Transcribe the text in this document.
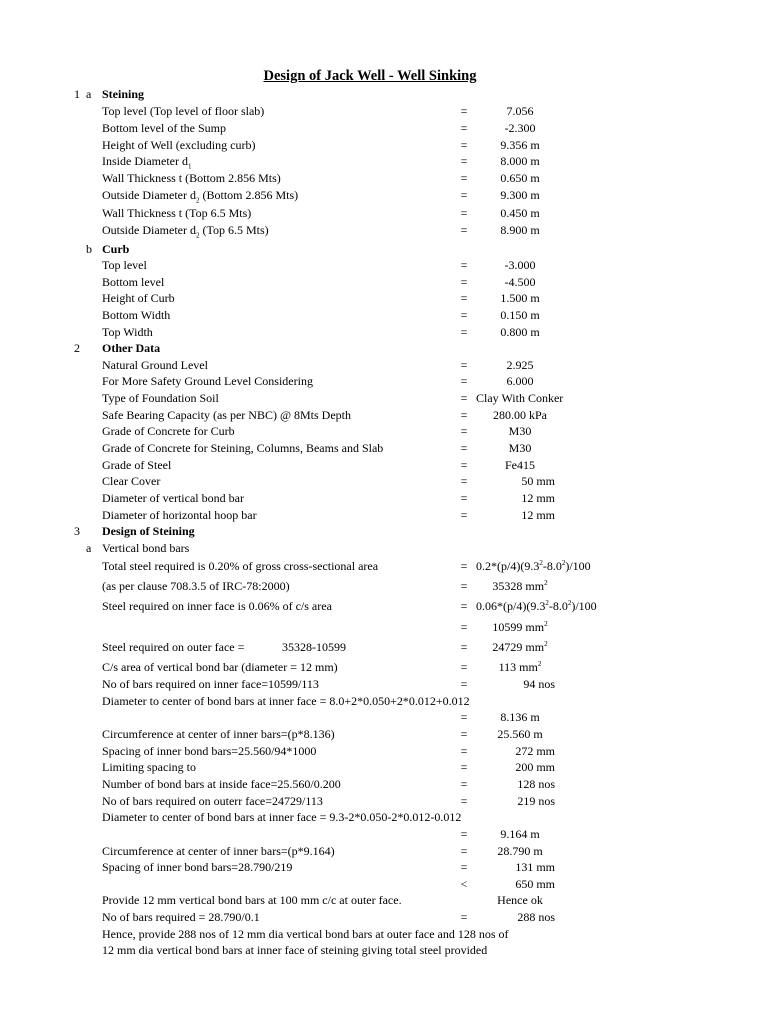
Design of Jack Well - Well Sinking
1 a Steining
Top level (Top level of floor slab)	=	7.056
Bottom level of the Sump	=	-2.300
Height of Well (excluding curb)	=	9.356 m
Inside Diameter $d_1$	=	8.000 m
Wall Thickness t (Bottom 2.856 Mts)	=	0.650 m
Outside Diameter $d_2$ (Bottom 2.856 Mts)	=	9.300 m
Wall Thickness t (Top 6.5 Mts)	=	0.450 m
Outside Diameter $d_2$ (Top 6.5 Mts)	=	8.900 m
b Curb
Top level	=	-3.000
Bottom level	=	-4.500
Height of Curb	=	1.500 m
Bottom Width	=	0.150 m
Top Width	=	0.800 m
2 Other Data
Natural Ground Level	=	2.925
For More Safety Ground Level Considering	=	6.000
Type of Foundation Soil	= Clay With Conker
Safe Bearing Capacity (as per NBC) @ 8Mts Depth	=	280.00 kPa
Grade of Concrete for Curb	=	M30
Grade of Concrete for Steining, Columns, Beams and Slab	=	M30
Grade of Steel	=	Fe415
Clear Cover	=	50 mm
Diameter of vertical bond bar	=	12 mm
Diameter of horizontal hoop bar	=	12 mm
3 Design of Steining
a Vertical bond bars
Total steel required is 0.20% of gross cross-sectional area	= $0.2*(p/4)(9.3^2-8.0^2)/100$
(as per clause 708.3.5 of IRC-78:2000)	=	35328 $mm^2$
Steel required on inner face is 0.06% of c/s area	= $0.06*(p/4)(9.3^2-8.0^2)/100$
=	10599 $mm^2$
Steel required on outer face =	35328-10599	=	24729 $mm^2$
C/s area of vertical bond bar (diameter = 12 mm)	=	113 $mm^2$
No of bars required on inner face=10599/113	=	94 nos
Diameter to center of bond bars at inner face = 8.0+2*0.050+2*0.012+0.012
=	8.136 m
Circumference at center of inner bars=(p*8.136)	=	25.560 m
Spacing of inner bond bars=25.560/94*1000	=	272 mm
Limiting spacing to	=	200 mm
Number of bond bars at inside face=25.560/0.200	=	128 nos
No of bars required on outerr face=24729/113	=	219 nos
Diameter to center of bond bars at inner face = 9.3-2*0.050-2*0.012-0.012
=	9.164 m
Circumference at center of inner bars=(p*9.164)	=	28.790 m
Spacing of inner bond bars=28.790/219	=	131 mm
<	650 mm
Provide 12 mm vertical bond bars at 100 mm c/c at outer face.	Hence ok
No of bars required = 28.790/0.1	=	288 nos
Hence, provide 288 nos of 12 mm dia vertical bond bars at outer face and 128 nos of
12 mm dia vertical bond bars at inner face of steining giving total steel provided
